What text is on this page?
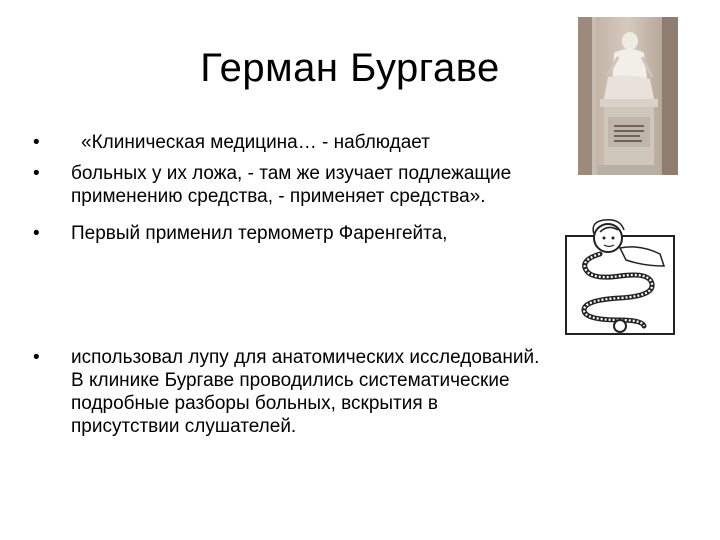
Герман Бургаве
•	«Клиническая медицина… - наблюдает
•	больных у их ложа, - там же изучает подлежащие
применению средства, - применяет средства».
•	Первый применил термометр Фаренгейта,
•	использовал лупу для анатомических исследований.
В клинике Бургаве проводились систематические
подробные разборы больных, вскрытия в
присутствии слушателей.
